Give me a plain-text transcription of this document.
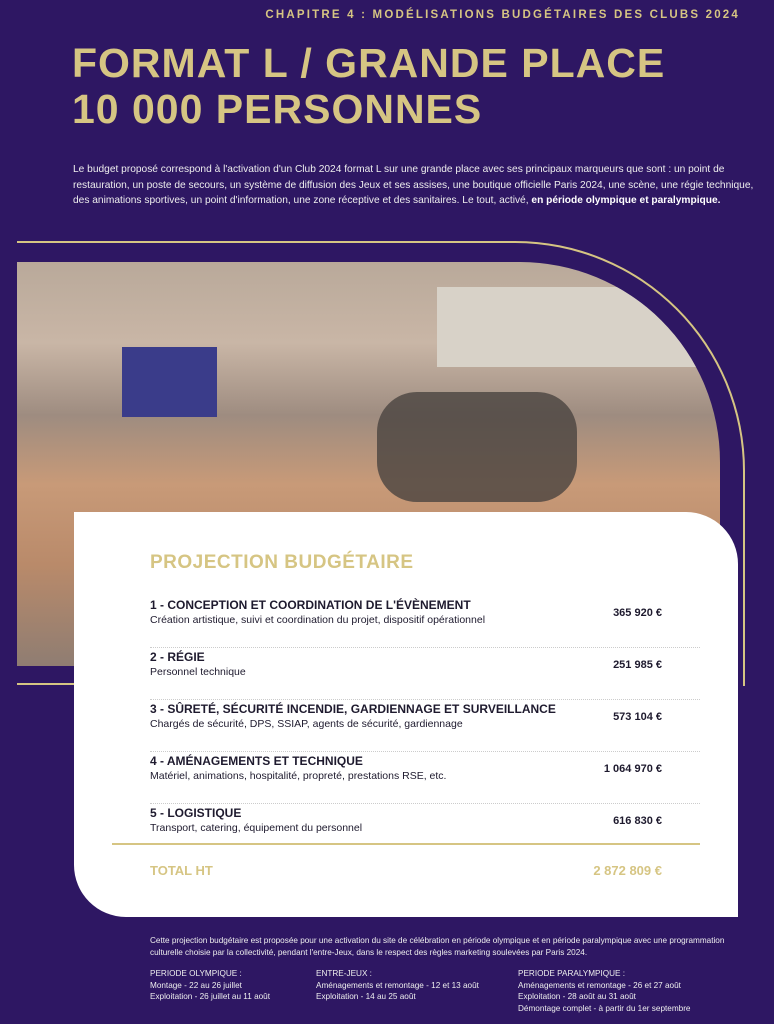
CHAPITRE 4 : MODÉLISATIONS BUDGÉTAIRES DES CLUBS 2024
FORMAT L / GRANDE PLACE
10 000 PERSONNES

Le budget proposé correspond à l'activation d'un Club 2024 format L sur une grande place avec ses principaux marqueurs que sont : un point de restauration, un poste de secours, un système de diffusion des Jeux et ses assises, une boutique officielle Paris 2024, une scène, une régie technique, des animations sportives, un point d'information, une zone réceptive et des sanitaires. Le tout, activé, en période olympique et paralympique.

PROJECTION BUDGÉTAIRE
1 - CONCEPTION ET COORDINATION DE L'ÉVÈNEMENT
Création artistique, suivi et coordination du projet, dispositif opérationnel
365 920 €
2 - RÉGIE
Personnel technique
251 985 €
3 - SÛRETÉ, SÉCURITÉ INCENDIE, GARDIENNAGE ET SURVEILLANCE
Chargés de sécurité, DPS, SSIAP, agents de sécurité, gardiennage
573 104 €
4 - AMÉNAGEMENTS ET TECHNIQUE
Matériel, animations, hospitalité, propreté, prestations RSE, etc.
1 064 970 €
5 - LOGISTIQUE
Transport, catering, équipement du personnel
616 830 €
TOTAL HT	2 872 809 €

Cette projection budgétaire est proposée pour une activation du site de célébration en période olympique et en période paralympique avec une programmation culturelle choisie par la collectivité, pendant l'entre-Jeux, dans le respect des règles marketing soulevées par Paris 2024.

PERIODE OLYMPIQUE :
Montage - 22 au 26 juillet
Exploitation - 26 juillet au 11 août
ENTRE-JEUX :
Aménagements et remontage - 12 et 13 août
Exploitation - 14 au 25 août
PERIODE PARALYMPIQUE :
Aménagements et remontage - 26 et 27 août
Exploitation - 28 août au 31 août
Démontage complet - à partir du 1er septembre
